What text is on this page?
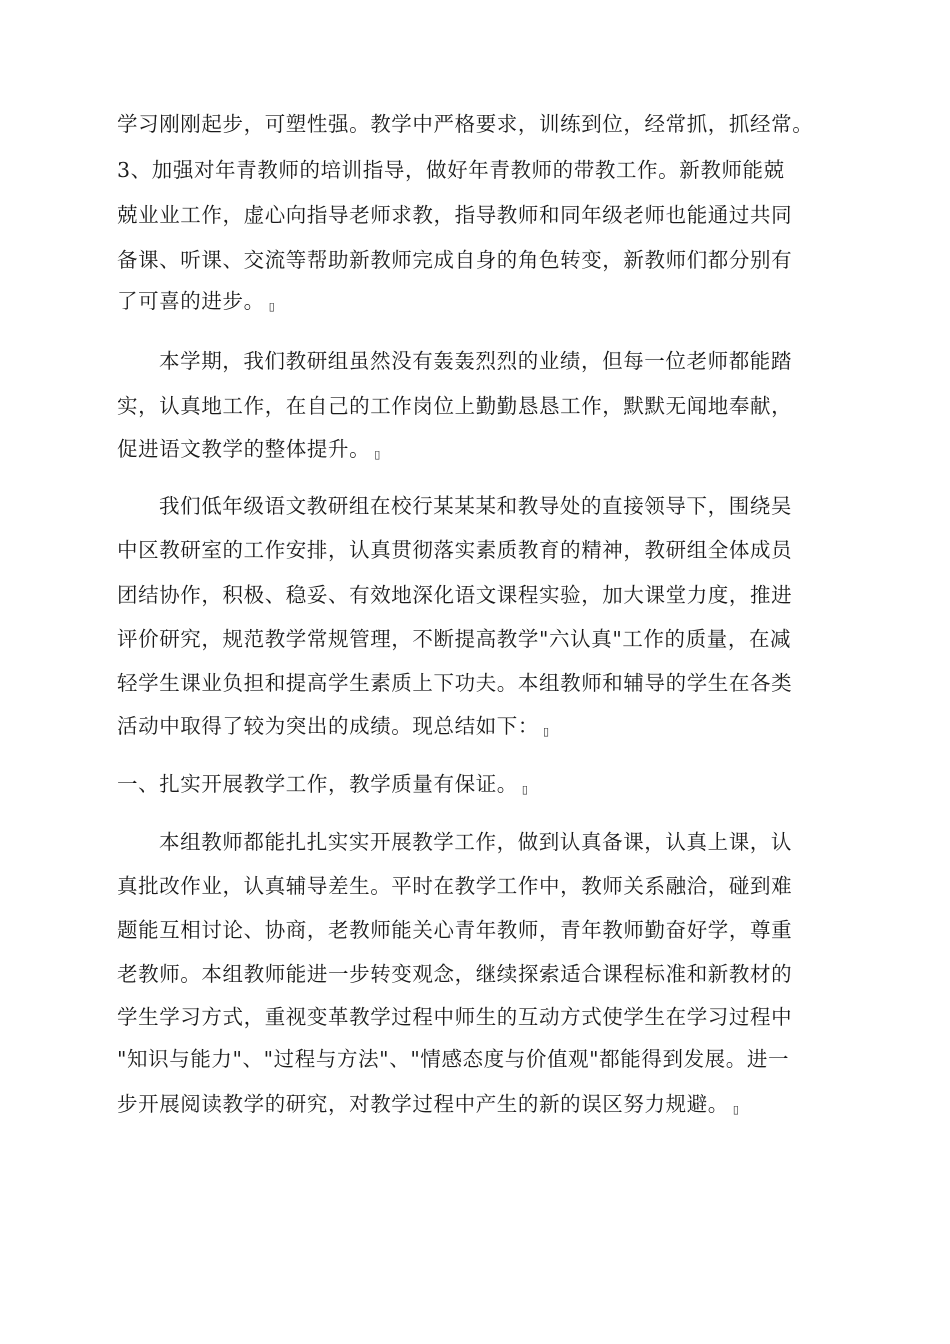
学习刚刚起步，可塑性强。教学中严格要求，训练到位，经常抓，抓经常。
3、加强对年青教师的培训指导，做好年青教师的带教工作。新教师能兢
兢业业工作，虚心向指导老师求教，指导教师和同年级老师也能通过共同
备课、听课、交流等帮助新教师完成自身的角色转变，新教师们都分别有
了可喜的进步。 ▯
本学期，我们教研组虽然没有轰轰烈烈的业绩，但每一位老师都能踏
实，认真地工作，在自己的工作岗位上勤勤恳恳工作，默默无闻地奉献，
促进语文教学的整体提升。 ▯
我们低年级语文教研组在校行某某某和教导处的直接领导下，围绕吴
中区教研室的工作安排，认真贯彻落实素质教育的精神，教研组全体成员
团结协作，积极、稳妥、有效地深化语文课程实验，加大课堂力度，推进
评价研究，规范教学常规管理，不断提高教学"六认真"工作的质量，在减
轻学生课业负担和提高学生素质上下功夫。本组教师和辅导的学生在各类
活动中取得了较为突出的成绩。现总结如下： ▯
一、扎实开展教学工作，教学质量有保证。 ▯
本组教师都能扎扎实实开展教学工作，做到认真备课，认真上课，认
真批改作业，认真辅导差生。平时在教学工作中，教师关系融洽，碰到难
题能互相讨论、协商，老教师能关心青年教师，青年教师勤奋好学，尊重
老教师。本组教师能进一步转变观念，继续探索适合课程标准和新教材的
学生学习方式，重视变革教学过程中师生的互动方式使学生在学习过程中
"知识与能力"、"过程与方法"、"情感态度与价值观"都能得到发展。进一
步开展阅读教学的研究，对教学过程中产生的新的误区努力规避。 ▯
